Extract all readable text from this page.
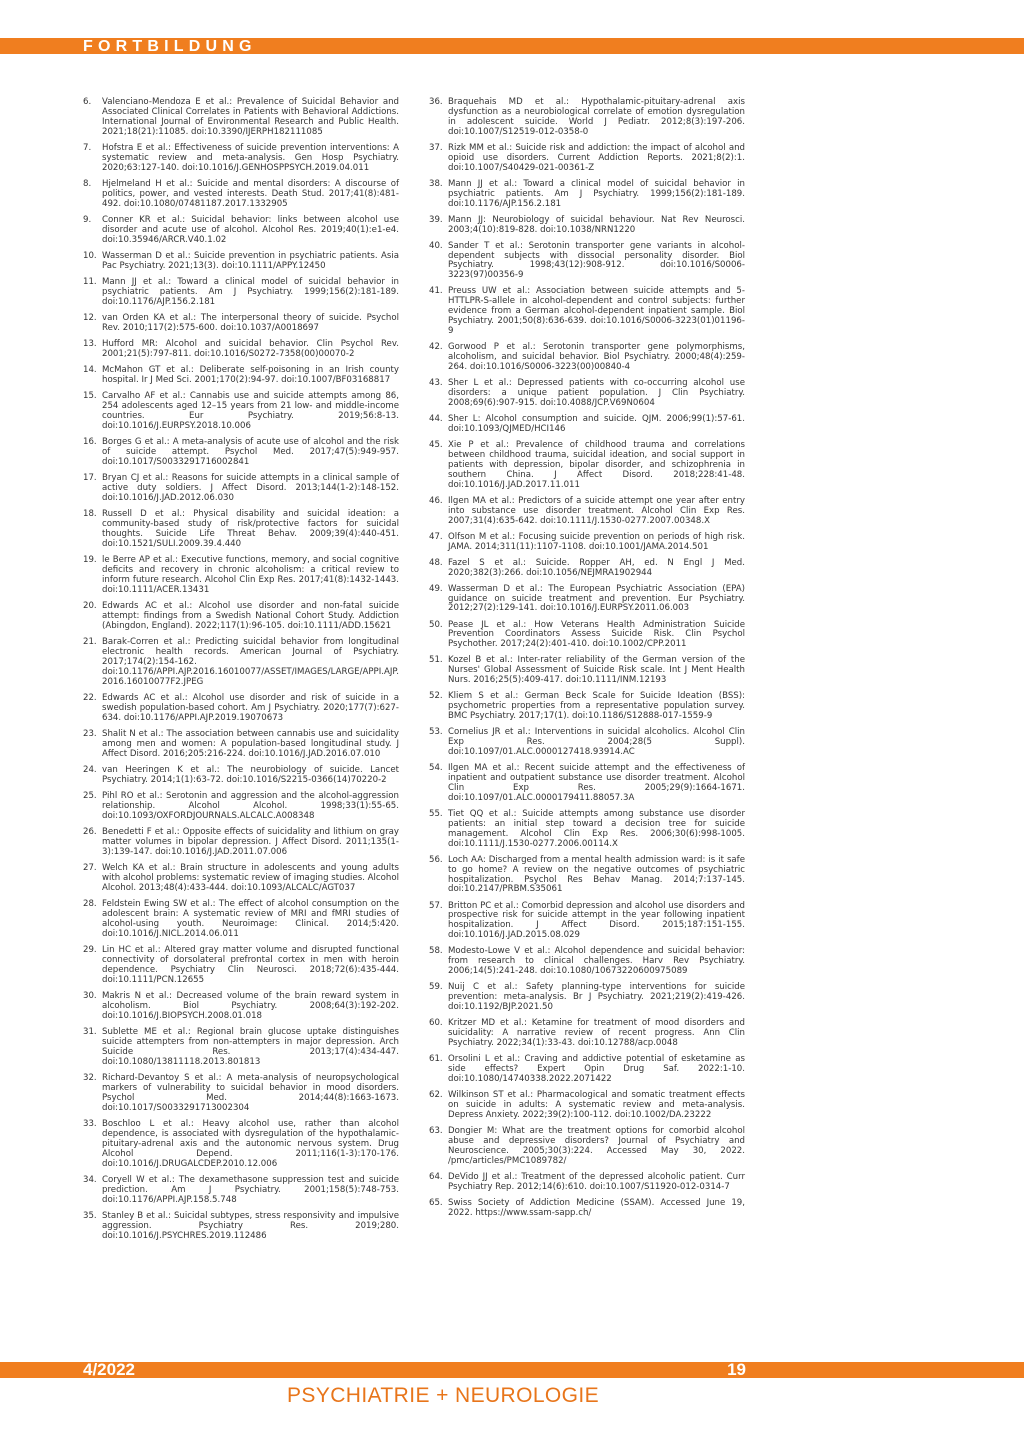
FORTBILDUNG
6.	Valenciano-Mendoza E et al.: Prevalence of Suicidal Behavior and Associated Clinical Correlates in Patients with Behavioral Addictions. International Journal of Environmental Research and Public Health. 2021;18(21):11085. doi:10.3390/IJERPH182111085
7.	Hofstra E et al.: Effectiveness of suicide prevention interventions: A systematic review and meta-analysis. Gen Hosp Psychiatry. 2020;63:127-140. doi:10.1016/J.GENHOSPPSYCH.2019.04.011
8.	Hjelmeland H et al.: Suicide and mental disorders: A discourse of politics, power, and vested interests. Death Stud. 2017;41(8):481-492. doi:10.1080/07481187.2017.1332905
9.	Conner KR et al.: Suicidal behavior: links between alcohol use disorder and acute use of alcohol. Alcohol Res. 2019;40(1):e1-e4. doi:10.35946/ARCR.V40.1.02
10. Wasserman D et al.: Suicide prevention in psychiatric patients. Asia Pac Psychiatry. 2021;13(3). doi:10.1111/APPY.12450
11. Mann JJ et al.: Toward a clinical model of suicidal behavior in psychiatric patients. Am J Psychiatry. 1999;156(2):181-189. doi:10.1176/AJP.156.2.181
12. van Orden KA et al.: The interpersonal theory of suicide. Psychol Rev. 2010;117(2):575-600. doi:10.1037/A0018697
13. Hufford MR: Alcohol and suicidal behavior. Clin Psychol Rev. 2001;21(5):797-811. doi:10.1016/S0272-7358(00)00070-2
14. McMahon GT et al.: Deliberate self-poisoning in an Irish county hospital. Ir J Med Sci. 2001;170(2):94-97. doi:10.1007/BF03168817
15. Carvalho AF et al.: Cannabis use and suicide attempts among 86, 254 adolescents aged 12–15 years from 21 low- and middle-income countries. Eur Psychiatry. 2019;56:8-13. doi:10.1016/J.EURPSY.2018.10.006
16. Borges G et al.: A meta-analysis of acute use of alcohol and the risk of suicide attempt. Psychol Med. 2017;47(5):949-957. doi:10.1017/S0033291716002841
17. Bryan CJ et al.: Reasons for suicide attempts in a clinical sample of active duty soldiers. J Affect Disord. 2013;144(1-2):148-152. doi:10.1016/J.JAD.2012.06.030
18. Russell D et al.: Physical disability and suicidal ideation: a community-based study of risk/protective factors for suicidal thoughts. Suicide Life Threat Behav. 2009;39(4):440-451. doi:10.1521/SULI.2009.39.4.440
19. le Berre AP et al.: Executive functions, memory, and social cognitive deficits and recovery in chronic alcoholism: a critical review to inform future research. Alcohol Clin Exp Res. 2017;41(8):1432-1443. doi:10.1111/ACER.13431
20. Edwards AC et al.: Alcohol use disorder and non-fatal suicide attempt: findings from a Swedish National Cohort Study. Addiction (Abingdon, England). 2022;117(1):96-105. doi:10.1111/ADD.15621
21. Barak-Corren et al.: Predicting suicidal behavior from longitudinal electronic health records. American Journal of Psychiatry. 2017;174(2):154-162. doi:10.1176/APPI.AJP.2016.16010077/ASSET/IMAGES/LARGE/APPI.AJP.2016.16010077F2.JPEG
22. Edwards AC et al.: Alcohol use disorder and risk of suicide in a swedish population-based cohort. Am J Psychiatry. 2020;177(7):627-634. doi:10.1176/APPI.AJP.2019.19070673
23. Shalit N et al.: The association between cannabis use and suicidality among men and women: A population-based longitudinal study. J Affect Disord. 2016;205:216-224. doi:10.1016/J.JAD.2016.07.010
24. van Heeringen K et al.: The neurobiology of suicide. Lancet Psychiatry. 2014;1(1):63-72. doi:10.1016/S2215-0366(14)70220-2
25. Pihl RO et al.: Serotonin and aggression and the alcohol-aggression relationship. Alcohol Alcohol. 1998;33(1):55-65. doi:10.1093/OXFORDJOURNALS.ALCALC.A008348
26. Benedetti F et al.: Opposite effects of suicidality and lithium on gray matter volumes in bipolar depression. J Affect Disord. 2011;135(1-3):139-147. doi:10.1016/J.JAD.2011.07.006
27. Welch KA et al.: Brain structure in adolescents and young adults with alcohol problems: systematic review of imaging studies. Alcohol Alcohol. 2013;48(4):433-444. doi:10.1093/ALCALC/AGT037
28. Feldstein Ewing SW et al.: The effect of alcohol consumption on the adolescent brain: A systematic review of MRI and fMRI studies of alcohol-using youth. Neuroimage: Clinical. 2014;5:420. doi:10.1016/J.NICL.2014.06.011
29. Lin HC et al.: Altered gray matter volume and disrupted functional connectivity of dorsolateral prefrontal cortex in men with heroin dependence. Psychiatry Clin Neurosci. 2018;72(6):435-444. doi:10.1111/PCN.12655
30. Makris N et al.: Decreased volume of the brain reward system in alcoholism. Biol Psychiatry. 2008;64(3):192-202. doi:10.1016/J.BIOPSYCH.2008.01.018
31. Sublette ME et al.: Regional brain glucose uptake distinguishes suicide attempters from non-attempters in major depression. Arch Suicide Res. 2013;17(4):434-447. doi:10.1080/13811118.2013.801813
32. Richard-Devantoy S et al.: A meta-analysis of neuropsychological markers of vulnerability to suicidal behavior in mood disorders. Psychol Med. 2014;44(8):1663-1673. doi:10.1017/S0033291713002304
33. Boschloo L et al.: Heavy alcohol use, rather than alcohol dependence, is associated with dysregulation of the hypothalamic-pituitary-adrenal axis and the autonomic nervous system. Drug Alcohol Depend. 2011;116(1-3):170-176. doi:10.1016/J.DRUGALCDEP.2010.12.006
34. Coryell W et al.: The dexamethasone suppression test and suicide prediction. Am J Psychiatry. 2001;158(5):748-753. doi:10.1176/APPI.AJP.158.5.748
35. Stanley B et al.: Suicidal subtypes, stress responsivity and impulsive aggression. Psychiatry Res. 2019;280. doi:10.1016/J.PSYCHRES.2019.112486
36. Braquehais MD et al.: Hypothalamic-pituitary-adrenal axis dysfunction as a neurobiological correlate of emotion dysregulation in adolescent suicide. World J Pediatr. 2012;8(3):197-206. doi:10.1007/S12519-012-0358-0
37. Rizk MM et al.: Suicide risk and addiction: the impact of alcohol and opioid use disorders. Current Addiction Reports. 2021;8(2):1. doi:10.1007/S40429-021-00361-Z
38. Mann JJ et al.: Toward a clinical model of suicidal behavior in psychiatric patients. Am J Psychiatry. 1999;156(2):181-189. doi:10.1176/AJP.156.2.181
39. Mann JJ: Neurobiology of suicidal behaviour. Nat Rev Neurosci. 2003;4(10):819-828. doi:10.1038/NRN1220
40. Sander T et al.: Serotonin transporter gene variants in alcohol-dependent subjects with dissocial personality disorder. Biol Psychiatry. 1998;43(12):908-912. doi:10.1016/S0006-3223(97)00356-9
41. Preuss UW et al.: Association between suicide attempts and 5-HTTLPR-S-allele in alcohol-dependent and control subjects: further evidence from a German alcohol-dependent inpatient sample. Biol Psychiatry. 2001;50(8):636-639. doi:10.1016/S0006-3223(01)01196-9
42. Gorwood P et al.: Serotonin transporter gene polymorphisms, alcoholism, and suicidal behavior. Biol Psychiatry. 2000;48(4):259-264. doi:10.1016/S0006-3223(00)00840-4
43. Sher L et al.: Depressed patients with co-occurring alcohol use disorders: a unique patient population. J Clin Psychiatry. 2008;69(6):907-915. doi:10.4088/JCP.V69N0604
44. Sher L: Alcohol consumption and suicide. QJM. 2006;99(1):57-61. doi:10.1093/QJMED/HCI146
45. Xie P et al.: Prevalence of childhood trauma and correlations between childhood trauma, suicidal ideation, and social support in patients with depression, bipolar disorder, and schizophrenia in southern China. J Affect Disord. 2018;228:41-48. doi:10.1016/J.JAD.2017.11.011
46. Ilgen MA et al.: Predictors of a suicide attempt one year after entry into substance use disorder treatment. Alcohol Clin Exp Res. 2007;31(4):635-642. doi:10.1111/J.1530-0277.2007.00348.X
47. Olfson M et al.: Focusing suicide prevention on periods of high risk. JAMA. 2014;311(11):1107-1108. doi:10.1001/JAMA.2014.501
48. Fazel S et al.: Suicide. Ropper AH, ed. N Engl J Med. 2020;382(3):266. doi:10.1056/NEJMRA1902944
49. Wasserman D et al.: The European Psychiatric Association (EPA) guidance on suicide treatment and prevention. Eur Psychiatry. 2012;27(2):129-141. doi:10.1016/J.EURPSY.2011.06.003
50. Pease JL et al.: How Veterans Health Administration Suicide Prevention Coordinators Assess Suicide Risk. Clin Psychol Psychother. 2017;24(2):401-410. doi:10.1002/CPP.2011
51. Kozel B et al.: Inter-rater reliability of the German version of the Nurses' Global Assessment of Suicide Risk scale. Int J Ment Health Nurs. 2016;25(5):409-417. doi:10.1111/INM.12193
52. Kliem S et al.: German Beck Scale for Suicide Ideation (BSS): psychometric properties from a representative population survey. BMC Psychiatry. 2017;17(1). doi:10.1186/S12888-017-1559-9
53. Cornelius JR et al.: Interventions in suicidal alcoholics. Alcohol Clin Exp Res. 2004;28(5 Suppl). doi:10.1097/01.ALC.0000127418.93914.AC
54. Ilgen MA et al.: Recent suicide attempt and the effectiveness of inpatient and outpatient substance use disorder treatment. Alcohol Clin Exp Res. 2005;29(9):1664-1671. doi:10.1097/01.ALC.0000179411.88057.3A
55. Tiet QQ et al.: Suicide attempts among substance use disorder patients: an initial step toward a decision tree for suicide management. Alcohol Clin Exp Res. 2006;30(6):998-1005. doi:10.1111/J.1530-0277.2006.00114.X
56. Loch AA: Discharged from a mental health admission ward: is it safe to go home? A review on the negative outcomes of psychiatric hospitalization. Psychol Res Behav Manag. 2014;7:137-145. doi:10.2147/PRBM.S35061
57. Britton PC et al.: Comorbid depression and alcohol use disorders and prospective risk for suicide attempt in the year following inpatient hospitalization. J Affect Disord. 2015;187:151-155. doi:10.1016/J.JAD.2015.08.029
58. Modesto-Lowe V et al.: Alcohol dependence and suicidal behavior: from research to clinical challenges. Harv Rev Psychiatry. 2006;14(5):241-248. doi:10.1080/10673220600975089
59. Nuij C et al.: Safety planning-type interventions for suicide prevention: meta-analysis. Br J Psychiatry. 2021;219(2):419-426. doi:10.1192/BJP.2021.50
60. Kritzer MD et al.: Ketamine for treatment of mood disorders and suicidality: A narrative review of recent progress. Ann Clin Psychiatry. 2022;34(1):33-43. doi:10.12788/acp.0048
61. Orsolini L et al.: Craving and addictive potential of esketamine as side effects? Expert Opin Drug Saf. 2022:1-10. doi:10.1080/14740338.2022.2071422
62. Wilkinson ST et al.: Pharmacological and somatic treatment effects on suicide in adults: A systematic review and meta-analysis. Depress Anxiety. 2022;39(2):100-112. doi:10.1002/DA.23222
63. Dongier M: What are the treatment options for comorbid alcohol abuse and depressive disorders? Journal of Psychiatry and Neuroscience. 2005;30(3):224. Accessed May 30, 2022. /pmc/articles/PMC1089782/
64. DeVido JJ et al.: Treatment of the depressed alcoholic patient. Curr Psychiatry Rep. 2012;14(6):610. doi:10.1007/S11920-012-0314-7
65. Swiss Society of Addiction Medicine (SSAM). Accessed June 19, 2022. https://www.ssam-sapp.ch/

4/2022	19

PSYCHIATRIE + NEUROLOGIE
